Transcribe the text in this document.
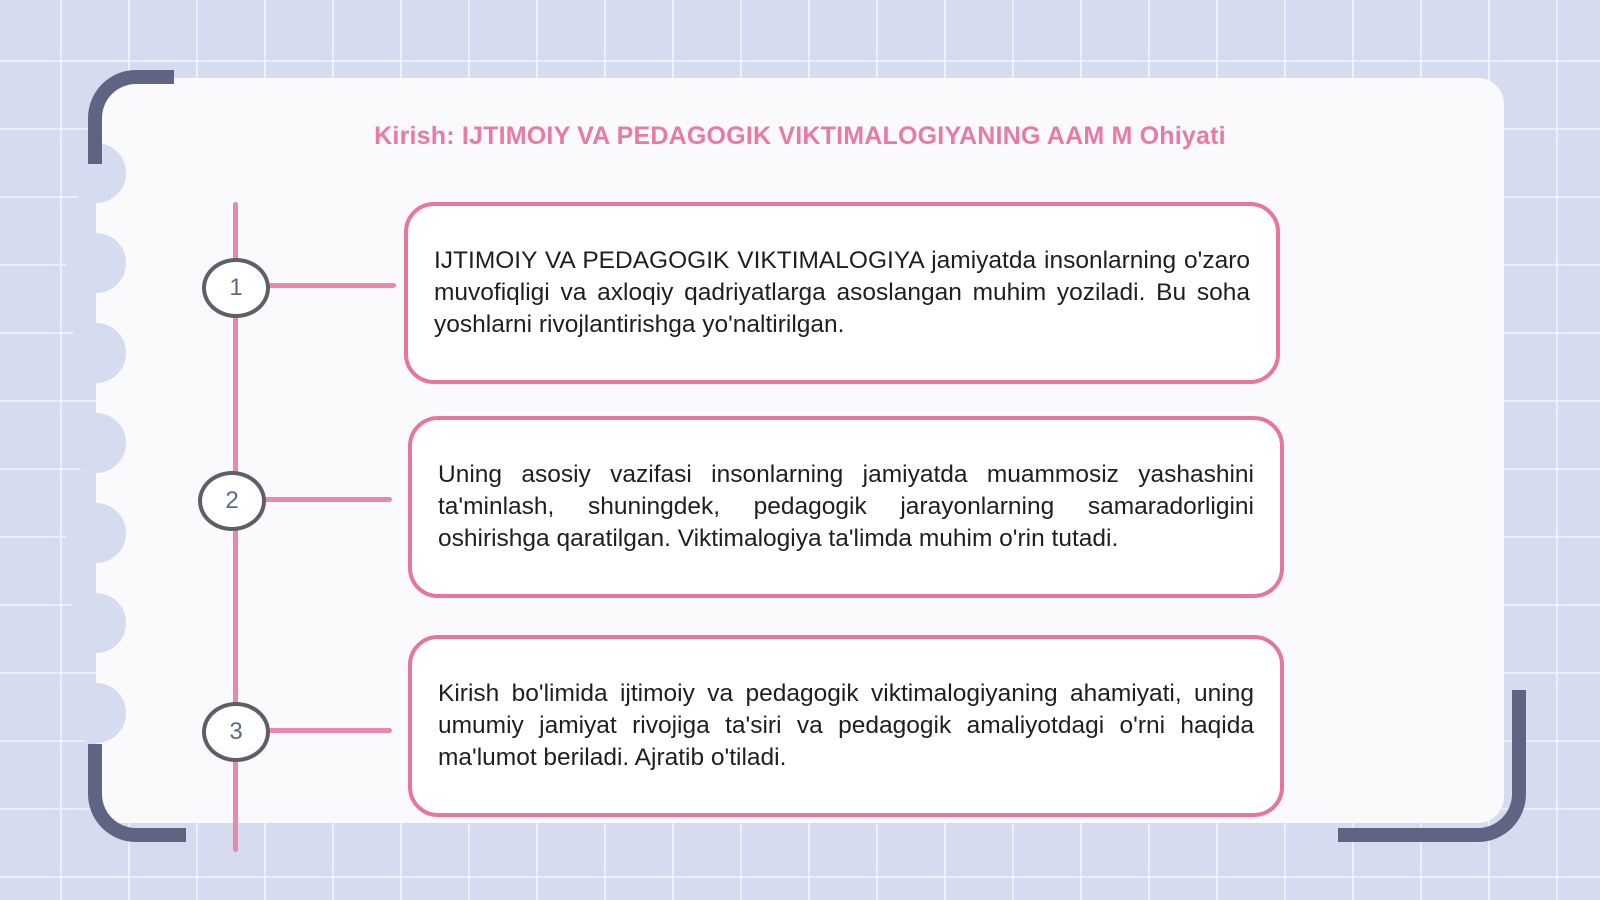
Kirish: IJTIMOIY VA PEDAGOGIK VIKTIMALOGIYANING AAM M Ohiyati
1
2
3
IJTIMOIY VA PEDAGOGIK VIKTIMALOGIYA jamiyatda insonlarning o'zaro muvofiqligi va axloqiy qadriyatlarga asoslangan muhim yoziladi. Bu soha yoshlarni rivojlantirishga yo'naltirilgan.
Uning asosiy vazifasi insonlarning jamiyatda muammosiz yashashini ta'minlash, shuningdek, pedagogik jarayonlarning samaradorligini oshirishga qaratilgan. Viktimalogiya ta'limda muhim o'rin tutadi.
Kirish bo'limida ijtimoiy va pedagogik viktimalogiyaning ahamiyati, uning umumiy jamiyat rivojiga ta'siri va pedagogik amaliyotdagi o'rni haqida ma'lumot beriladi. Ajratib o'tiladi.
